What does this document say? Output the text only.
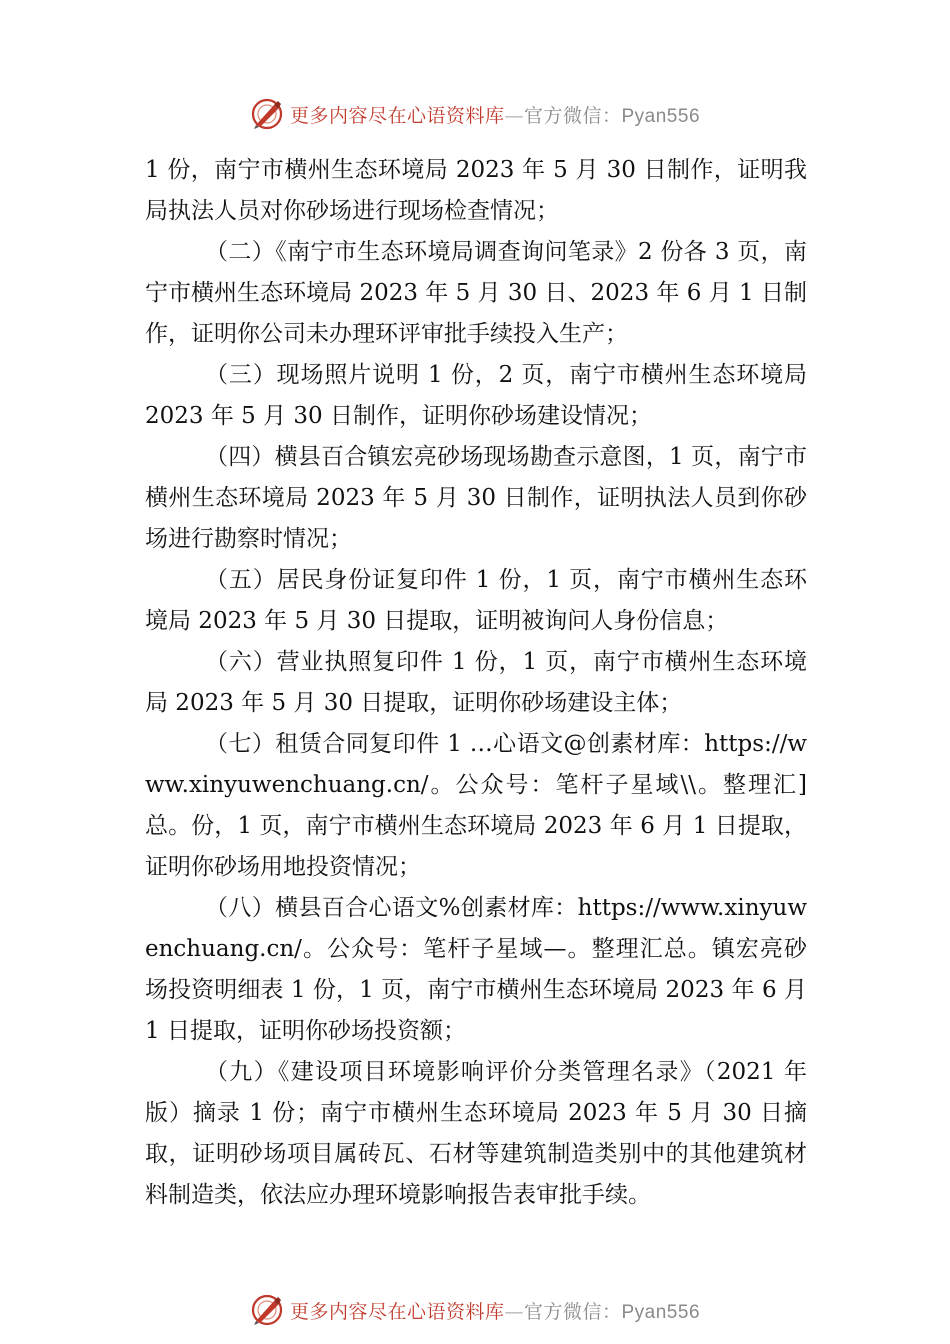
更多内容尽在心语资料库—官方微信：Pyan556

1 份，南宁市横州生态环境局 2023 年 5 月 30 日制作，证明我局执法人员对你砂场进行现场检查情况；

（二）《南宁市生态环境局调查询问笔录》2 份各 3 页，南宁市横州生态环境局 2023 年 5 月 30 日、2023 年 6 月 1 日制作，证明你公司未办理环评审批手续投入生产；

（三）现场照片说明 1 份，2 页，南宁市横州生态环境局 2023 年 5 月 30 日制作，证明你砂场建设情况；

（四）横县百合镇宏亮砂场现场勘查示意图，1 页，南宁市横州生态环境局 2023 年 5 月 30 日制作，证明执法人员到你砂场进行勘察时情况；

（五）居民身份证复印件 1 份，1 页，南宁市横州生态环境局 2023 年 5 月 30 日提取，证明被询问人身份信息；

（六）营业执照复印件 1 份，1 页，南宁市横州生态环境局 2023 年 5 月 30 日提取，证明你砂场建设主体；

（七）租赁合同复印件 1 …心语文@创素材库：https://www.xinyuwenchuang.cn/。公众号：笔杆子星域\\。整理汇]总。份，1 页，南宁市横州生态环境局 2023 年 6 月 1 日提取，证明你砂场用地投资情况；

（八）横县百合心语文%创素材库：https://www.xinyuwenchuang.cn/。公众号：笔杆子星域—。整理汇总。镇宏亮砂场投资明细表 1 份，1 页，南宁市横州生态环境局 2023 年 6 月 1 日提取，证明你砂场投资额；

（九）《建设项目环境影响评价分类管理名录》（2021 年版）摘录 1 份；南宁市横州生态环境局 2023 年 5 月 30 日摘取，证明砂场项目属砖瓦、石材等建筑制造类别中的其他建筑材料制造类，依法应办理环境影响报告表审批手续。

更多内容尽在心语资料库—官方微信：Pyan556
